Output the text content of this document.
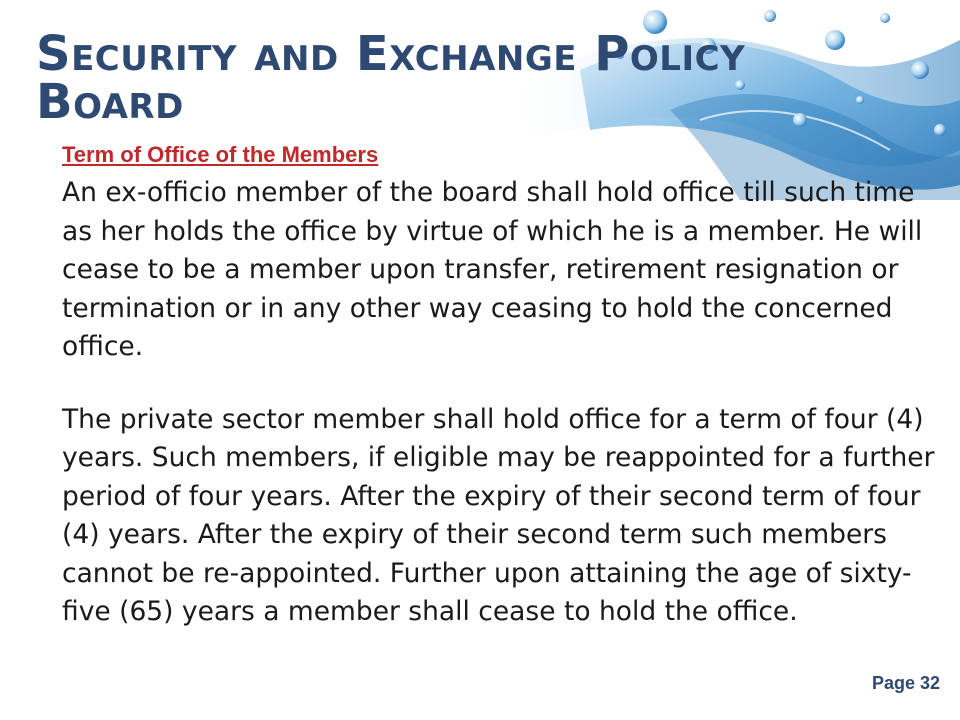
Security and Exchange Policy Board
Term of Office of the Members

An ex-officio member of the board shall hold office till such time as her holds the office by virtue of which he is a member. He will cease to be a member upon transfer, retirement resignation or termination or in any other way ceasing to hold the concerned office.

The private sector member shall hold office for a term of four (4) years. Such members, if eligible may be reappointed for a further period of four years. After the expiry of their second term of four (4) years. After the expiry of their second term such members cannot be re-appointed. Further upon attaining the age of sixty-five (65) years a member shall cease to hold the office.

Page 32
